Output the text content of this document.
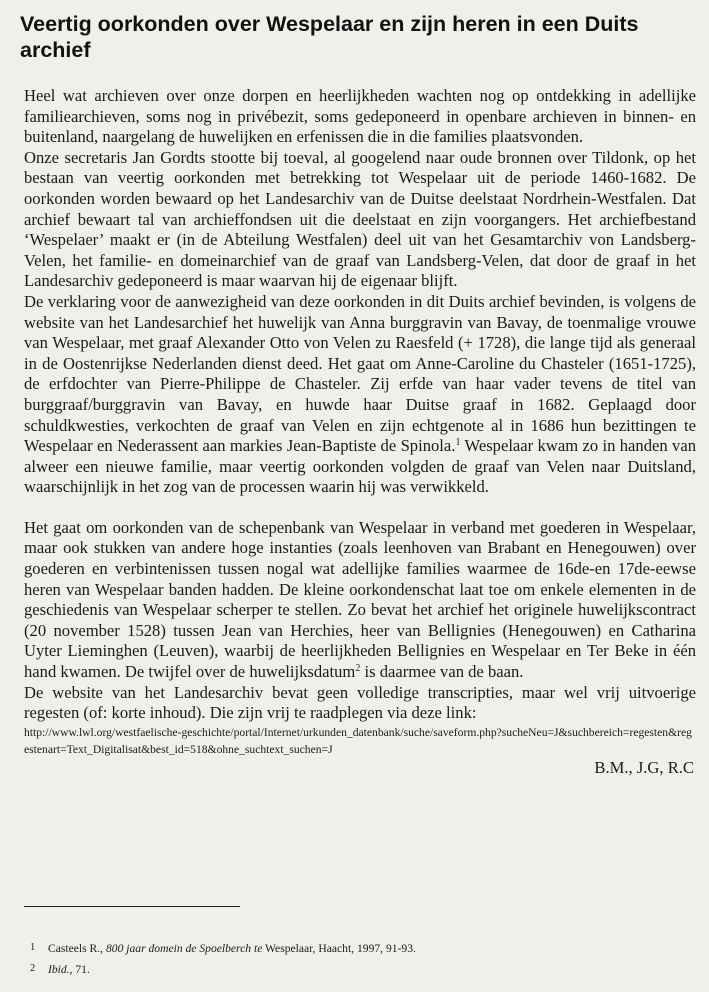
Veertig oorkonden over Wespelaar en zijn heren in een Duits archief

Heel wat archieven over onze dorpen en heerlijkheden wachten nog op ontdekking in adellijke familiearchieven, soms nog in privébezit, soms gedeponeerd in openbare archieven in binnen- en buitenland, naargelang de huwelijken en erfenissen die in die families plaatsvonden.

Onze secretaris Jan Gordts stootte bij toeval, al googelend naar oude bronnen over Tildonk, op het bestaan van veertig oorkonden met betrekking tot Wespelaar uit de periode 1460-1682. De oorkonden worden bewaard op het Landesarchiv van de Duitse deelstaat Nordrhein-Westfalen. Dat archief bewaart tal van archieffondsen uit die deelstaat en zijn voorgangers. Het archiefbestand ‘Wespelaer’ maakt er (in de Abteilung Westfalen) deel uit van het Gesamtarchiv von Landsberg-Velen, het familie- en domeinarchief van de graaf van Landsberg-Velen, dat door de graaf in het Landesarchiv gedeponeerd is maar waarvan hij de eigenaar blijft.

De verklaring voor de aanwezigheid van deze oorkonden in dit Duits archief bevinden, is volgens de website van het Landesarchief het huwelijk van Anna burggravin van Bavay, de toenmalige vrouwe van Wespelaar, met graaf Alexander Otto von Velen zu Raesfeld (+ 1728), die lange tijd als generaal in de Oostenrijkse Nederlanden dienst deed. Het gaat om Anne-Caroline du Chasteler (1651-1725), de erfdochter van Pierre-Philippe de Chasteler. Zij erfde van haar vader tevens de titel van burggraaf/burggravin van Bavay, en huwde haar Duitse graaf in 1682. Geplaagd door schuldkwesties, verkochten de graaf van Velen en zijn echtgenote al in 1686 hun bezittingen te Wespelaar en Nederassent aan markies Jean-Baptiste de Spinola.$^1$ Wespelaar kwam zo in handen van alweer een nieuwe familie, maar veertig oorkonden volgden de graaf van Velen naar Duitsland, waarschijnlijk in het zog van de processen waarin hij was verwikkeld.

Het gaat om oorkonden van de schepenbank van Wespelaar in verband met goederen in Wespelaar, maar ook stukken van andere hoge instanties (zoals leenhoven van Brabant en Henegouwen) over goederen en verbintenissen tussen nogal wat adellijke families waarmee de 16de-en 17de-eewse heren van Wespelaar banden hadden. De kleine oorkondenschat laat toe om enkele elementen in de geschiedenis van Wespelaar scherper te stellen. Zo bevat het archief het originele huwelijkscontract (20 november 1528) tussen Jean van Herchies, heer van Bellignies (Henegouwen) en Catharina Uyter Lieminghen (Leuven), waarbij de heerlijkheden Bellignies en Wespelaar en Ter Beke in één hand kwamen. De twijfel over de huwelijksdatum$^2$ is daarmee van de baan.

De website van het Landesarchiv bevat geen volledige transcripties, maar wel vrij uitvoerige regesten (of: korte inhoud). Die zijn vrij te raadplegen via deze link:

http://www.lwl.org/westfaelische-geschichte/portal/Internet/urkunden_datenbank/suche/saveform.php?sucheNeu=J&suchbereich=regesten&regestenart=Text_Digitalisat&best_id=518&ohne_suchtext_suchen=J

B.M., J.G, R.C

1 Casteels R., 800 jaar domein de Spoelberch te Wespelaar, Haacht, 1997, 91-93.
2 Ibid., 71.
